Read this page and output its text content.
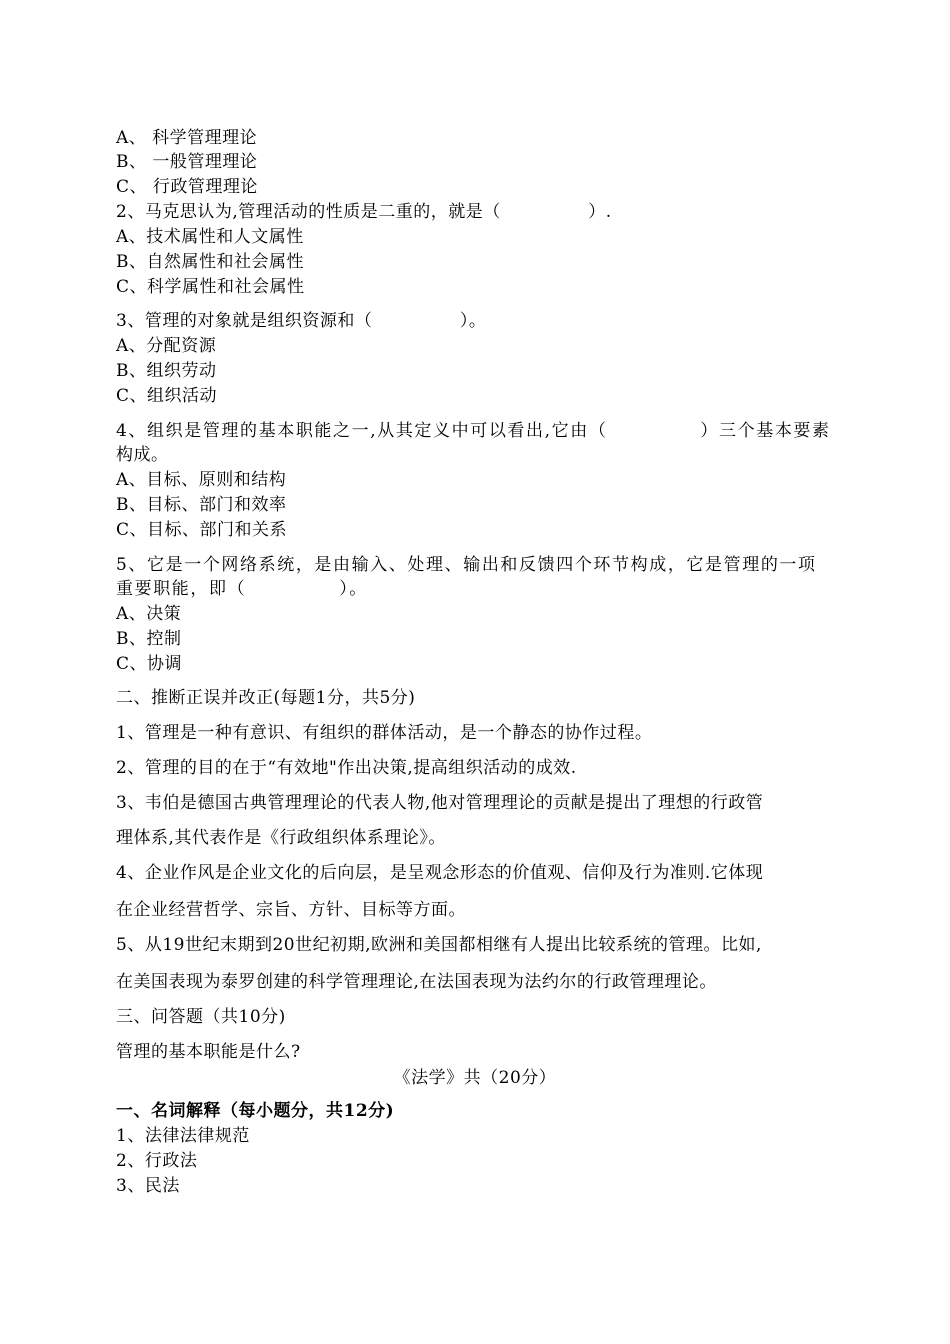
A、 科学管理理论
B、 一般管理理论
C、 行政管理理论
2、马克思认为,管理活动的性质是二重的，就是（　　　　　）.
A、技术属性和人文属性
B、自然属性和社会属性
C、科学属性和社会属性
3、管理的对象就是组织资源和（　　　　　）。
A、分配资源
B、组织劳动
C、组织活动
4、组织是管理的基本职能之一,从其定义中可以看出,它由（　　　　　）三个基本要素
构成。
A、目标、原则和结构
B、目标、部门和效率
C、目标、部门和关系
5、它是一个网络系统，是由输入、处理、输出和反馈四个环节构成，它是管理的一项
重要职能，即（　　　　　）。
A、决策
B、控制
C、协调
二、推断正误并改正(每题1分，共5分)
1、管理是一种有意识、有组织的群体活动，是一个静态的协作过程。
2、管理的目的在于“有效地"作出决策,提高组织活动的成效.
3、韦伯是德国古典管理理论的代表人物,他对管理理论的贡献是提出了理想的行政管
理体系,其代表作是《行政组织体系理论》。
4、企业作风是企业文化的后向层，是呈观念形态的价值观、信仰及行为准则.它体现
在企业经营哲学、宗旨、方针、目标等方面。
5、从19世纪末期到20世纪初期,欧洲和美国都相继有人提出比较系统的管理。比如,
在美国表现为泰罗创建的科学管理理论,在法国表现为法约尔的行政管理理论。
三、问答题（共10分)
管理的基本职能是什么?
《法学》共（20分）
一、名词解释（每小题分，共12分)
1、法律法律规范
2、行政法
3、民法
